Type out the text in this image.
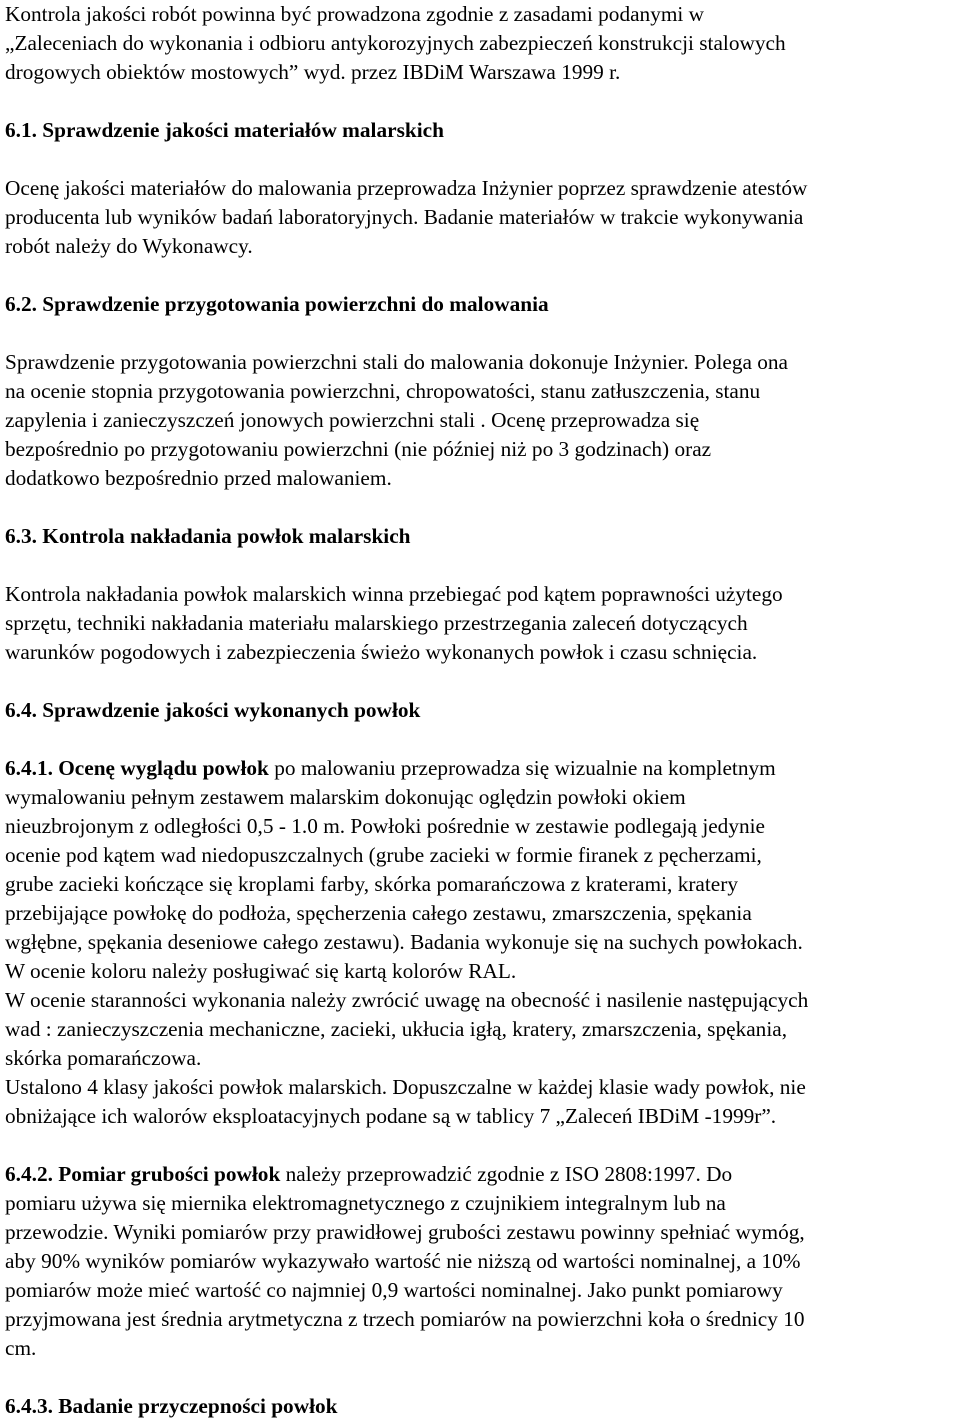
Kontrola jakości robót powinna być prowadzona zgodnie z zasadami podanymi w
„Zaleceniach do wykonania i odbioru antykorozyjnych zabezpieczeń konstrukcji stalowych
drogowych obiektów mostowych” wyd. przez IBDiM Warszawa 1999 r.
6.1. Sprawdzenie jakości materiałów malarskich
Ocenę jakości materiałów do malowania przeprowadza Inżynier poprzez sprawdzenie atestów
producenta lub wyników badań laboratoryjnych. Badanie materiałów w trakcie wykonywania
robót należy do Wykonawcy.
6.2. Sprawdzenie przygotowania powierzchni do malowania
Sprawdzenie przygotowania powierzchni stali do malowania dokonuje Inżynier. Polega ona
na ocenie stopnia przygotowania powierzchni, chropowatości, stanu zatłuszczenia, stanu
zapylenia i zanieczyszczeń jonowych powierzchni stali . Ocenę przeprowadza się
bezpośrednio po przygotowaniu powierzchni (nie później niż po 3 godzinach) oraz
dodatkowo bezpośrednio przed malowaniem.
6.3. Kontrola nakładania powłok malarskich
Kontrola nakładania powłok malarskich winna przebiegać pod kątem poprawności użytego
sprzętu, techniki nakładania materiału malarskiego przestrzegania zaleceń dotyczących
warunków pogodowych i zabezpieczenia świeżo wykonanych powłok i czasu schnięcia.
6.4. Sprawdzenie jakości wykonanych powłok
6.4.1. Ocenę wyglądu powłok po malowaniu przeprowadza się wizualnie na kompletnym
wymalowaniu pełnym zestawem malarskim dokonując oględzin powłoki okiem
nieuzbrojonym z odległości 0,5 - 1.0 m. Powłoki pośrednie w zestawie podlegają jedynie
ocenie pod kątem wad niedopuszczalnych (grube zacieki w formie firanek z pęcherzami,
grube zacieki kończące się kroplami farby, skórka pomarańczowa z kraterami, kratery
przebijające powłokę do podłoża, spęcherzenia całego zestawu, zmarszczenia, spękania
wgłębne, spękania deseniowe całego zestawu). Badania wykonuje się na suchych powłokach.
W ocenie koloru należy posługiwać się kartą kolorów RAL.
W ocenie staranności wykonania należy zwrócić uwagę na obecność i nasilenie następujących
wad : zanieczyszczenia mechaniczne, zacieki, ukłucia igłą, kratery, zmarszczenia, spękania,
skórka pomarańczowa.
Ustalono 4 klasy jakości powłok malarskich. Dopuszczalne w każdej klasie wady powłok, nie
obniżające ich walorów eksploatacyjnych podane są w tablicy 7 „Zaleceń IBDiM -1999r”.
6.4.2. Pomiar grubości powłok należy przeprowadzić zgodnie z ISO 2808:1997. Do
pomiaru używa się miernika elektromagnetycznego z czujnikiem integralnym lub na
przewodzie. Wyniki pomiarów przy prawidłowej grubości zestawu powinny spełniać wymóg,
aby 90% wyników pomiarów wykazywało wartość nie niższą od wartości nominalnej, a 10%
pomiarów może mieć wartość co najmniej 0,9 wartości nominalnej. Jako punkt pomiarowy
przyjmowana jest średnia arytmetyczna z trzech pomiarów na powierzchni koła o średnicy 10
cm.
6.4.3. Badanie przyczepności powłok
